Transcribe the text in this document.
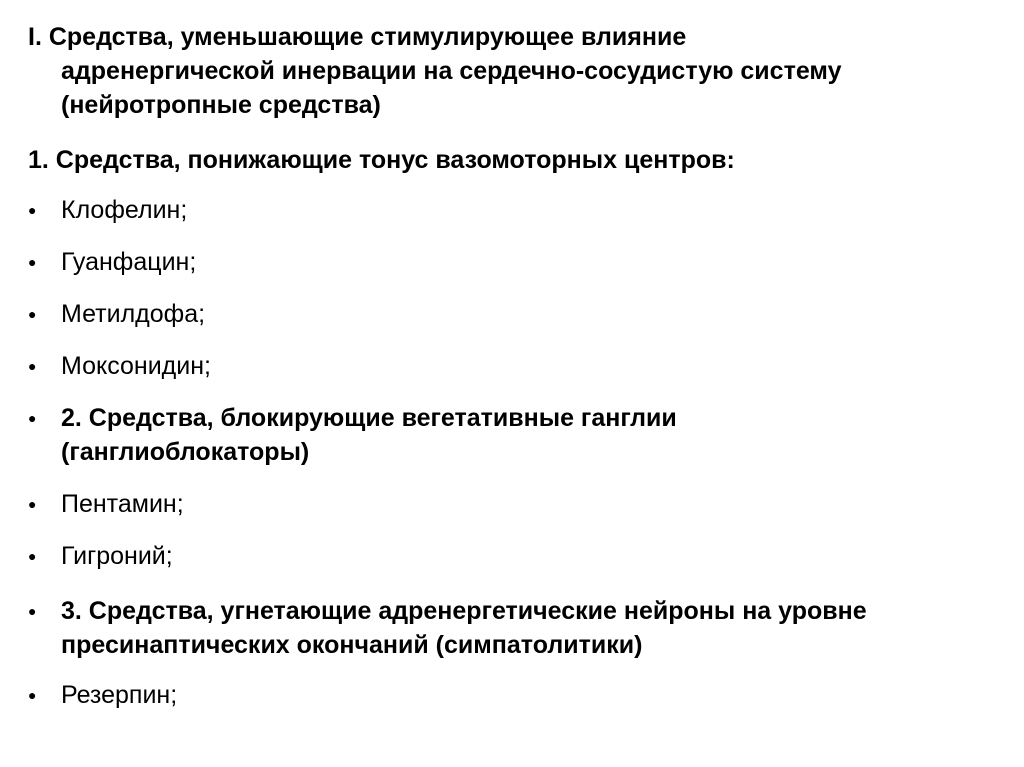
I. Средства, уменьшающие стимулирующее влияние
адренергической инервации на сердечно-сосудистую систему
(нейротропные средства)
1. Средства, понижающие тонус вазомоторных центров:
● Клофелин;
● Гуанфацин;
● Метилдофа;
● Моксонидин;
● 2. Средства, блокирующие вегетативные ганглии
(ганглиоблокаторы)
● Пентамин;
● Гигроний;
● 3. Средства, угнетающие адренергетические нейроны на уровне
пресинаптических окончаний (симпатолитики)
● Резерпин;
